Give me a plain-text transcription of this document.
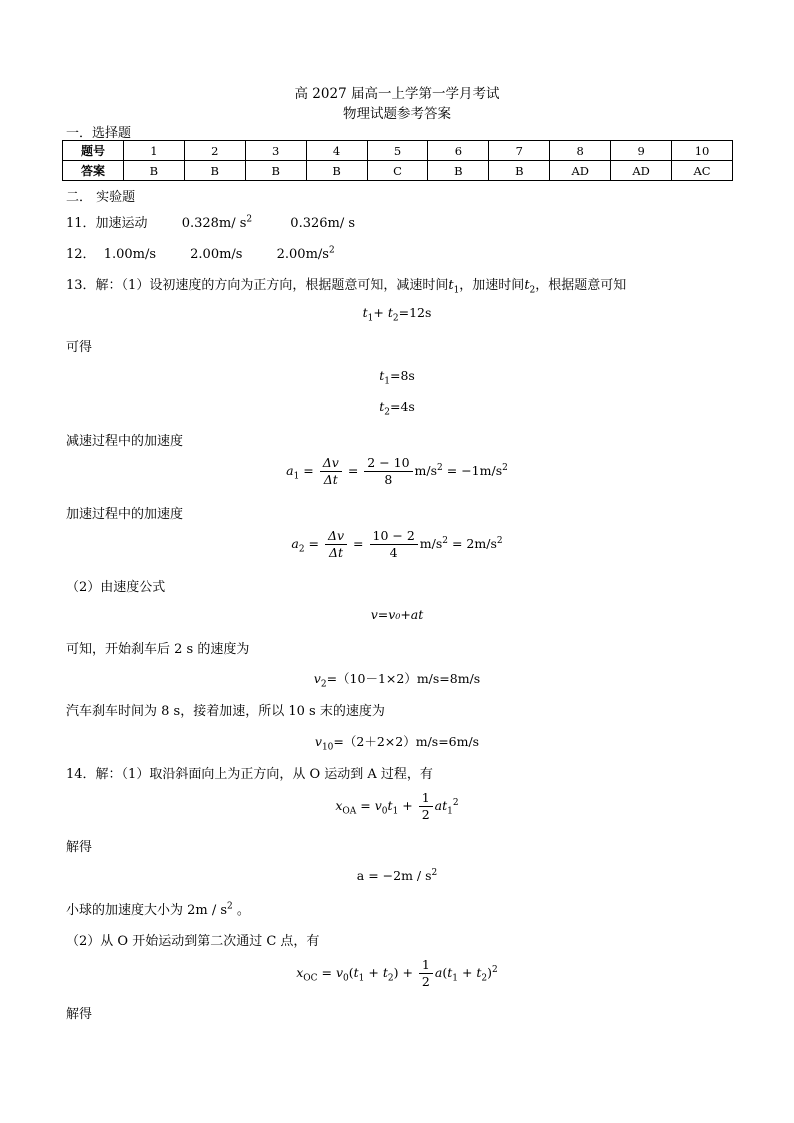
高 2027 届高一上学第一学月考试
物理试题参考答案
一．选择题
题号	1	2	3	4	5	6	7	8	9	10
答案	B	B	B	B	C	B	B	AD	AD	AC
二． 实验题
11．加速运动	0.328m/ $s^2$	0.326m/ s
12． 1.00m/s	2.00m/s	$2.00m/s^2$
13．解：（1）设初速度的方向为正方向，根据题意可知，减速时间$t_1$，加速时间$t_2$，根据题意可知
$t_1+ t_2=12s$
可得
$t_1=8s$
$t_2=4s$
减速过程中的加速度
$a_1 = \frac{\Delta v}{\Delta t} = \frac{2 - 10}{8} m/s^2 = -1m/s^2$
加速过程中的加速度
$a_2 = \frac{\Delta v}{\Delta t} = \frac{10 - 2}{4} m/s^2 = 2m/s^2$
（2）由速度公式
v=v₀+at
可知，开始刹车后 2 s 的速度为
$v_2=(10-1\times 2)m/s=8m/s$
汽车刹车时间为 8 s，接着加速，所以 10 s 末的速度为
$v_{10}=(2+2\times 2)m/s=6m/s$
14．解：（1）取沿斜面向上为正方向，从 O 运动到 A 过程，有
$x_{OA} = v_0t_1 + \frac{1}{2} at_1^2$
解得
$a = -2m / s^2$
小球的加速度大小为 $2m / s^2$ 。
（2）从 O 开始运动到第二次通过 C 点，有
$x_{OC} = v_0(t_1 + t_2) + \frac{1}{2} a(t_1 + t_2)^2$
解得
